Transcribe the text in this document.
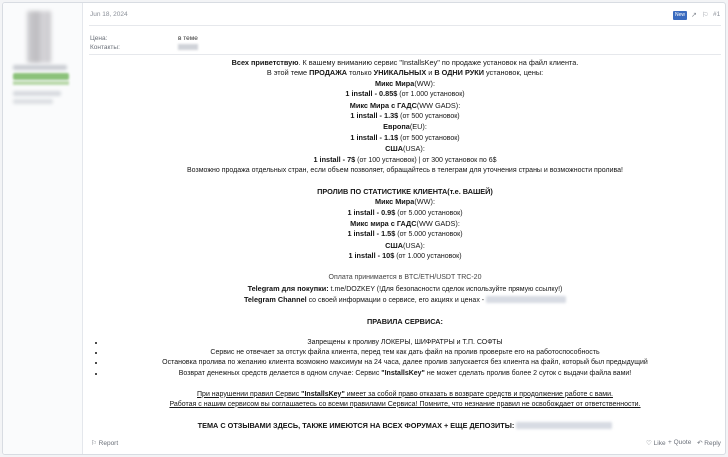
Jun 18, 2024	New ↗ ⚐ #1
Цена:	в теме
Контакты:

Всех приветствую. К вашему вниманию сервис "InstallsKey" по продаже установок на файл клиента.

В этой теме ПРОДАЖА только УНИКАЛЬНЫХ и В ОДНИ РУКИ установок, цены:

Микс Мира(WW):

1 install - 0.85$ (от 1.000 установок)

Микс Мира с ГАДС(WW GADS):

1 install - 1.3$ (от 500 установок)

Европа(EU):

1 install - 1.1$ (от 500 установок)

США(USA):

1 install - 7$ (от 100 установок) | от 300 установок по 6$

Возможно продажа отдельных стран, если объем позволяет, обращайтесь в телеграм для уточнения страны и возможности пролива!

ПРОЛИВ ПО СТАТИСТИКЕ КЛИЕНТА(т.е. ВАШЕЙ)

Микс Мира(WW):

1 install - 0.9$ (от 5.000 установок)

Микс мира с ГАДС(WW GADS):

1 install - 1.5$ (от 5.000 установок)

США(USA):

1 install - 10$ (от 1.000 установок)

Оплата принимается в BTC/ETH/USDT TRC-20

Telegram для покупки: t.me/DOZKEY (!Для безопасности сделок используйте прямую ссылку!)

Telegram Channel со своей информации о сервисе, его акциях и ценах -

ПРАВИЛА СЕРВИСА:

• Запрещены к проливу ЛОКЕРЫ, ШИФРАТРЫ и Т.П. СОФТЫ
• Сервис не отвечает за отстук файла клиента, перед тем как дать файл на пролив проверьте его на работоспособность
• Остановка пролива по желанию клиента возможно максимум на 24 часа, далее пролив запускается без клиента на файл, который был предыдущий
• Возврат денежных средств делается в одном случае: Сервис "InstallsKey" не может сделать пролив более 2 суток с выдачи файла вами!

При нарушении правил Сервис "InstallsKey" имеет за собой право отказать в возврате средств и продолжение работе с вами.

Работая с нашим сервисом вы соглашаетесь со всеми правилами Сервиса! Помните, что незнание правил не освобождает от ответственности.

ТЕМА С ОТЗЫВАМИ ЗДЕСЬ, ТАКЖЕ ИМЕЮТСЯ НА ВСЕХ ФОРУМАХ + ЕЩЕ ДЕПОЗИТЫ:

⚐ Report	♡ Like + Quote ↶ Reply
